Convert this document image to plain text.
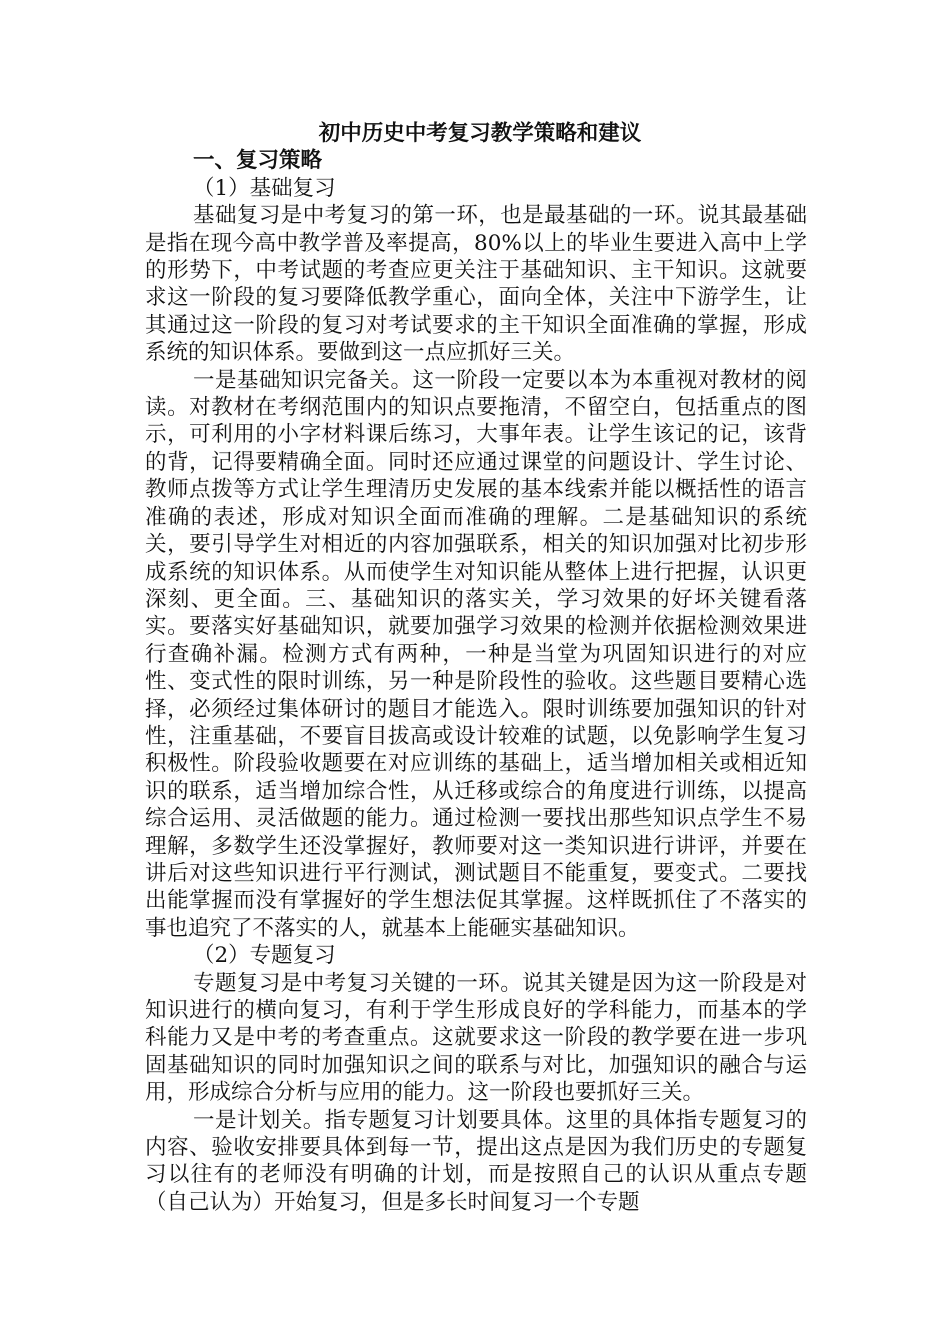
初中历史中考复习教学策略和建议

一、复习策略

（1）基础复习

基础复习是中考复习的第一环，也是最基础的一环。说其最基础是指在现今高中教学普及率提高，80%以上的毕业生要进入高中上学的形势下，中考试题的考查应更关注于基础知识、主干知识。这就要求这一阶段的复习要降低教学重心，面向全体，关注中下游学生，让其通过这一阶段的复习对考试要求的主干知识全面准确的掌握，形成系统的知识体系。要做到这一点应抓好三关。

一是基础知识完备关。这一阶段一定要以本为本重视对教材的阅读。对教材在考纲范围内的知识点要拖清，不留空白，包括重点的图示，可利用的小字材料课后练习，大事年表。让学生该记的记，该背的背，记得要精确全面。同时还应通过课堂的问题设计、学生讨论、教师点拨等方式让学生理清历史发展的基本线索并能以概括性的语言准确的表述，形成对知识全面而准确的理解。二是基础知识的系统关，要引导学生对相近的内容加强联系，相关的知识加强对比初步形成系统的知识体系。从而使学生对知识能从整体上进行把握，认识更深刻、更全面。三、基础知识的落实关，学习效果的好坏关键看落实。要落实好基础知识，就要加强学习效果的检测并依据检测效果进行查确补漏。检测方式有两种，一种是当堂为巩固知识进行的对应性、变式性的限时训练，另一种是阶段性的验收。这些题目要精心选择，必须经过集体研讨的题目才能选入。限时训练要加强知识的针对性，注重基础，不要盲目拔高或设计较难的试题，以免影响学生复习积极性。阶段验收题要在对应训练的基础上，适当增加相关或相近知识的联系，适当增加综合性，从迁移或综合的角度进行训练，以提高综合运用、灵活做题的能力。通过检测一要找出那些知识点学生不易理解，多数学生还没掌握好，教师要对这一类知识进行讲评，并要在讲后对这些知识进行平行测试，测试题目不能重复，要变式。二要找出能掌握而没有掌握好的学生想法促其掌握。这样既抓住了不落实的事也追究了不落实的人，就基本上能砸实基础知识。

（2）专题复习

专题复习是中考复习关键的一环。说其关键是因为这一阶段是对知识进行的横向复习，有利于学生形成良好的学科能力，而基本的学科能力又是中考的考查重点。这就要求这一阶段的教学要在进一步巩固基础知识的同时加强知识之间的联系与对比，加强知识的融合与运用，形成综合分析与应用的能力。这一阶段也要抓好三关。

一是计划关。指专题复习计划要具体。这里的具体指专题复习的内容、验收安排要具体到每一节，提出这点是因为我们历史的专题复习以往有的老师没有明确的计划，而是按照自己的认识从重点专题（自己认为）开始复习，但是多长时间复习一个专题
